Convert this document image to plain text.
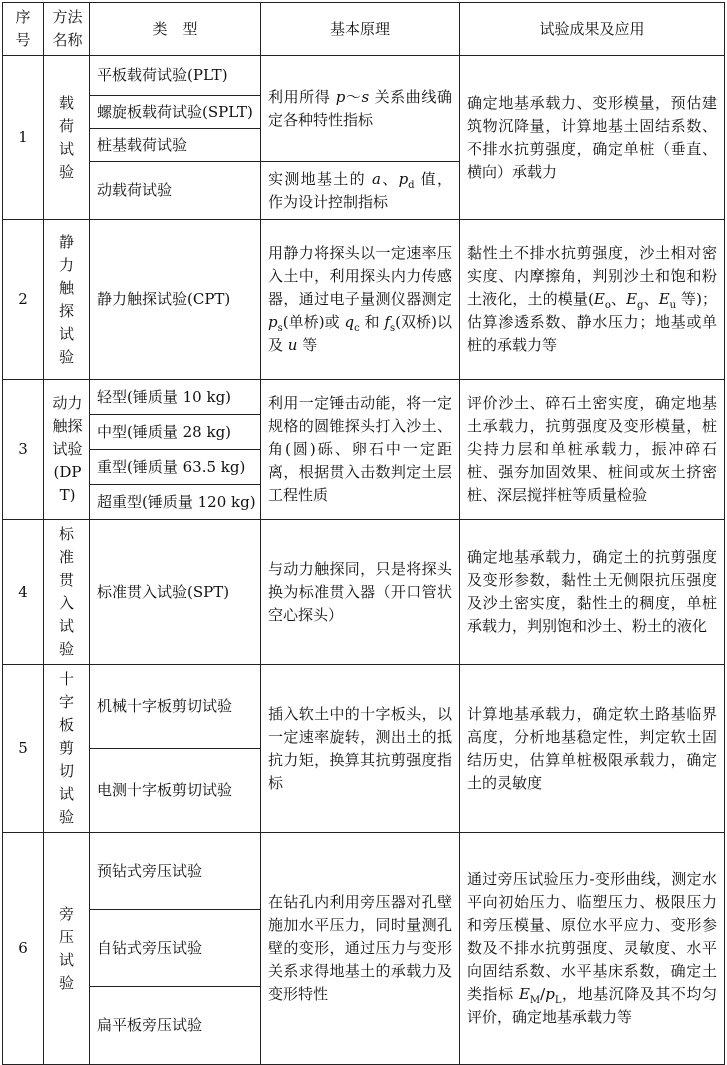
序号	方法名称	类　型	基本原理	试验成果及应用
1	载荷试验	平板载荷试验(PLT)	利用所得 p～s 关系曲线确定各种特性指标	确定地基承载力、变形模量，预估建筑物沉降量，计算地基土固结系数、不排水抗剪强度，确定单桩（垂直、横向）承载力
		螺旋板载荷试验(SPLT)		
		桩基载荷试验		
		动载荷试验	实测地基土的 a、$p_d$ 值，作为设计控制指标	
2	静力触探试验	静力触探试验(CPT)	用静力将探头以一定速率压入土中，利用探头内力传感器，通过电子量测仪器测定 $p_s$(单桥)或 $q_c$ 和 $f_s$(双桥)以及 u 等	黏性土不排水抗剪强度，沙土相对密实度、内摩擦角，判别沙土和饱和粉土液化，土的模量($E_o$、$E_g$、$E_u$ 等)；估算渗透系数、静水压力；地基或单桩的承载力等
3	动力触探试验(DPT)	轻型(锤质量 10 kg)	利用一定锤击动能，将一定规格的圆锥探头打入沙土、角(圆)砾、卵石中一定距离，根据贯入击数判定土层工程性质	评价沙土、碎石土密实度，确定地基土承载力，抗剪强度及变形模量，桩尖持力层和单桩承载力，振冲碎石桩、强夯加固效果、桩间或灰土挤密桩、深层搅拌桩等质量检验
		中型(锤质量 28 kg)		
		重型(锤质量 63.5 kg)		
		超重型(锤质量 120 kg)		
4	标准贯入试验	标准贯入试验(SPT)	与动力触探同，只是将探头换为标准贯入器（开口管状空心探头）	确定地基承载力，确定土的抗剪强度及变形参数，黏性土无侧限抗压强度及沙土密实度，黏性土的稠度，单桩承载力，判别饱和沙土、粉土的液化
5	十字板剪切试验	机械十字板剪切试验	插入软土中的十字板头，以一定速率旋转，测出土的抵抗力矩，换算其抗剪强度指标	计算地基承载力，确定软土路基临界高度，分析地基稳定性，判定软土固结历史，估算单桩极限承载力，确定土的灵敏度
		电测十字板剪切试验		
6	旁压试验	预钻式旁压试验	在钻孔内利用旁压器对孔壁施加水平压力，同时量测孔壁的变形，通过压力与变形关系求得地基土的承载力及变形特性	通过旁压试验压力-变形曲线，测定水平向初始压力、临塑压力、极限压力和旁压模量、原位水平应力、变形参数及不排水抗剪强度、灵敏度、水平向固结系数、水平基床系数，确定土类指标 $E_M/p_L$，地基沉降及其不均匀评价，确定地基承载力等
		自钻式旁压试验		
		扁平板旁压试验		
